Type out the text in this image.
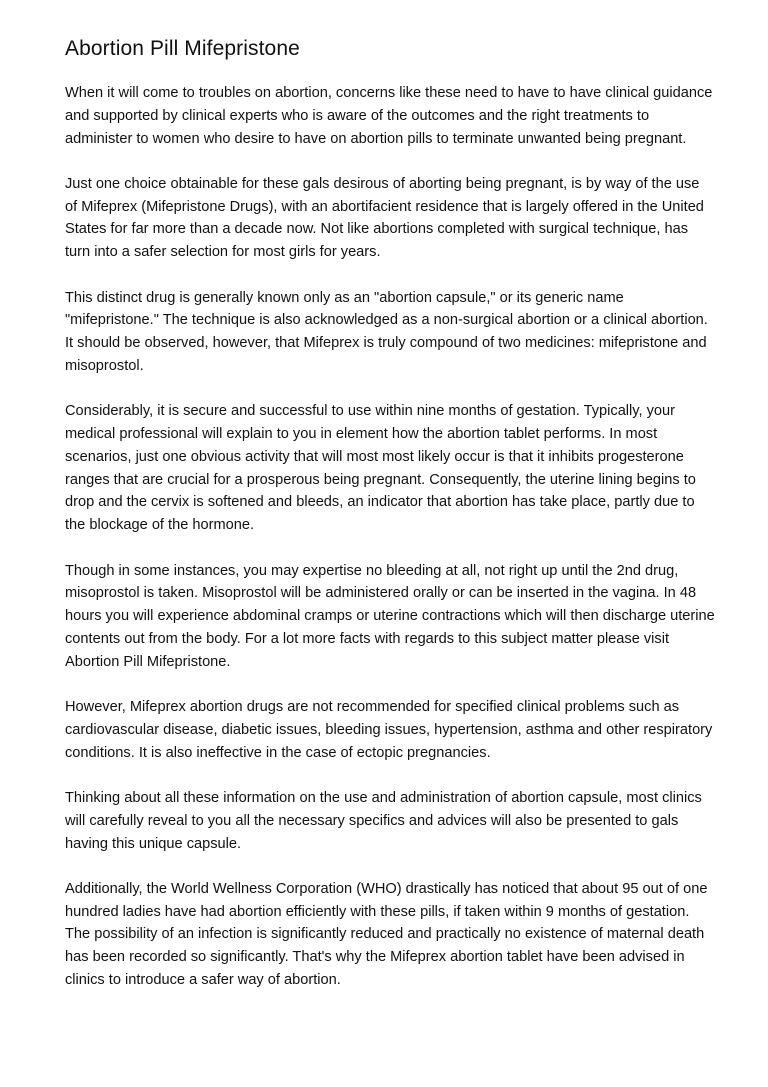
Abortion Pill Mifepristone

When it will come to troubles on abortion, concerns like these need to have to have clinical guidance and supported by clinical experts who is aware of the outcomes and the right treatments to administer to women who desire to have on abortion pills to terminate unwanted being pregnant.

Just one choice obtainable for these gals desirous of aborting being pregnant, is by way of the use of Mifeprex (Mifepristone Drugs), with an abortifacient residence that is largely offered in the United States for far more than a decade now. Not like abortions completed with surgical technique, has turn into a safer selection for most girls for years.

This distinct drug is generally known only as an "abortion capsule," or its generic name "mifepristone." The technique is also acknowledged as a non-surgical abortion or a clinical abortion. It should be observed, however, that Mifeprex is truly compound of two medicines: mifepristone and misoprostol.

Considerably, it is secure and successful to use within nine months of gestation. Typically, your medical professional will explain to you in element how the abortion tablet performs. In most scenarios, just one obvious activity that will most most likely occur is that it inhibits progesterone ranges that are crucial for a prosperous being pregnant. Consequently, the uterine lining begins to drop and the cervix is softened and bleeds, an indicator that abortion has take place, partly due to the blockage of the hormone.

Though in some instances, you may expertise no bleeding at all, not right up until the 2nd drug, misoprostol is taken. Misoprostol will be administered orally or can be inserted in the vagina. In 48 hours you will experience abdominal cramps or uterine contractions which will then discharge uterine contents out from the body. For a lot more facts with regards to this subject matter please visit Abortion Pill Mifepristone.

However, Mifeprex abortion drugs are not recommended for specified clinical problems such as cardiovascular disease, diabetic issues, bleeding issues, hypertension, asthma and other respiratory conditions. It is also ineffective in the case of ectopic pregnancies.

Thinking about all these information on the use and administration of abortion capsule, most clinics will carefully reveal to you all the necessary specifics and advices will also be presented to gals having this unique capsule.

Additionally, the World Wellness Corporation (WHO) drastically has noticed that about 95 out of one hundred ladies have had abortion efficiently with these pills, if taken within 9 months of gestation. The possibility of an infection is significantly reduced and practically no existence of maternal death has been recorded so significantly. That's why the Mifeprex abortion tablet have been advised in clinics to introduce a safer way of abortion.
